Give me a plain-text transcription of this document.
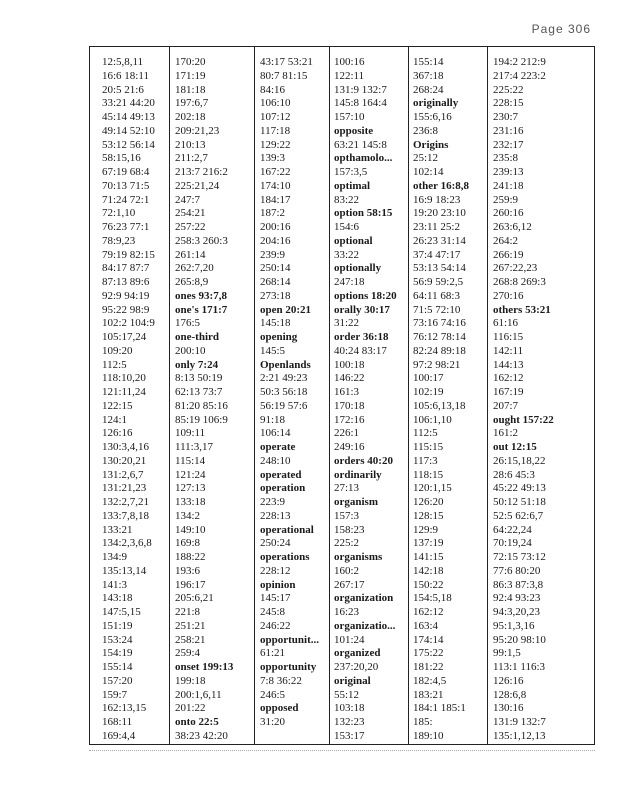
Page 306
12:5,8,11
16:6 18:11
20:5 21:6
33:21 44:20
45:14 49:13
49:14 52:10
53:12 56:14
58:15,16
67:19 68:4
70:13 71:5
71:24 72:1
72:1,10
76:23 77:1
78:9,23
79:19 82:15
84:17 87:7
87:13 89:6
92:9 94:19
95:22 98:9
102:2 104:9
105:17,24
109:20
112:5
118:10,20
121:11,24
122:15
124:1
126:16
130:3,4,16
130:20,21
131:2,6,7
131:21,23
132:2,7,21
133:7,8,18
133:21
134:2,3,6,8
134:9
135:13,14
141:3
143:18
147:5,15
151:19
153:24
154:19
155:14
157:20
159:7
162:13,15
168:11
169:4,4
170:20
171:19
181:18
197:6,7
202:18
209:21,23
210:13
211:2,7
213:7 216:2
225:21,24
247:7
254:21
257:22
258:3 260:3
261:14
262:7,20
265:8,9
ones 93:7,8
one's 171:7
176:5
one-third
200:10
only 7:24
8:13 50:19
62:13 73:7
81:20 85:16
85:19 106:9
109:11
111:3,17
115:14
121:24
127:13
133:18
134:2
149:10
169:8
188:22
193:6
196:17
205:6,21
221:8
251:21
258:21
259:4
onset 199:13
199:18
200:1,6,11
201:22
onto 22:5
38:23 42:20
43:17 53:21
80:7 81:15
84:16
106:10
107:12
117:18
129:22
139:3
167:22
174:10
184:17
187:2
200:16
204:16
239:9
250:14
268:14
273:18
open 20:21
145:18
opening
145:5
Openlands
2:21 49:23
50:3 56:18
56:19 57:6
91:18
106:14
operate
248:10
operated
operation
223:9
228:13
operational
250:24
operations
228:12
opinion
145:17
245:8
246:22
opportunit...
61:21
opportunity
7:8 36:22
246:5
opposed
31:20
100:16
122:11
131:9 132:7
145:8 164:4
157:10
opposite
63:21 145:8
opthamolo...
157:3,5
optimal
83:22
option 58:15
154:6
optional
33:22
optionally
247:18
options 18:20
orally 30:17
31:22
order 36:18
40:24 83:17
100:18
146:22
161:3
170:18
172:16
226:1
249:16
orders 40:20
ordinarily
27:13
organism
157:3
158:23
225:2
organisms
160:2
267:17
organization
16:23
organizatio...
101:24
organized
237:20,20
original
55:12
103:18
132:23
153:17
155:14
367:18
268:24
originally
155:6,16
236:8
Origins
25:12
102:14
other 16:8,8
16:9 18:23
19:20 23:10
23:11 25:2
26:23 31:14
37:4 47:17
53:13 54:14
56:9 59:2,5
64:11 68:3
71:5 72:10
73:16 74:16
76:12 78:14
82:24 89:18
97:2 98:21
100:17
102:19
105:6,13,18
106:1,10
112:5
115:15
117:3
118:15
120:1,15
126:20
128:15
129:9
137:19
141:15
142:18
150:22
154:5,18
162:12
163:4
174:14
175:22
181:22
182:4,5
183:21
184:1 185:1
185:
189:10
194:2 212:9
217:4 223:2
225:22
228:15
230:7
231:16
232:17
235:8
239:13
241:18
259:9
260:16
263:6,12
264:2
266:19
267:22,23
268:8 269:3
270:16
others 53:21
61:16
116:15
142:11
144:13
162:12
167:19
207:7
ought 157:22
161:2
out 12:15
26:15,18,22
28:6 45:3
45:22 49:13
50:12 51:18
52:5 62:6,7
64:22,24
70:19,24
72:15 73:12
77:6 80:20
86:3 87:3,8
92:4 93:23
94:3,20,23
95:1,3,16
95:20 98:10
99:1,5
113:1 116:3
126:16
128:6,8
130:16
131:9 132:7
135:1,12,13
